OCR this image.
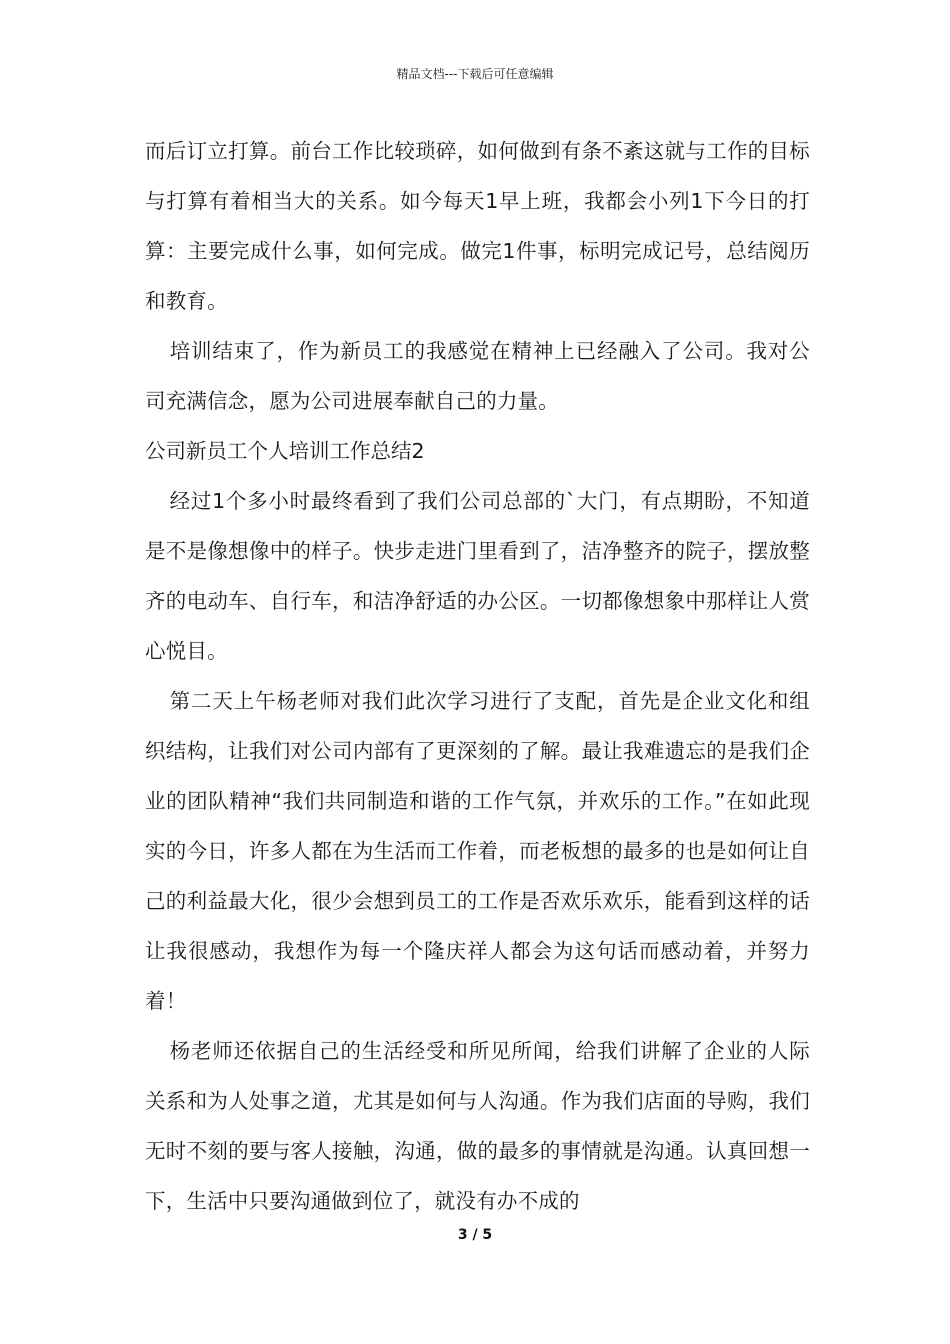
精品文档---下载后可任意编辑

而后订立打算。前台工作比较琐碎，如何做到有条不紊这就与工作的目标与打算有着相当大的关系。如今每天1早上班，我都会小列1下今日的打算：主要完成什么事，如何完成。做完1件事，标明完成记号，总结阅历和教育。

培训结束了，作为新员工的我感觉在精神上已经融入了公司。我对公司充满信念，愿为公司进展奉献自己的力量。

公司新员工个人培训工作总结2

经过1个多小时最终看到了我们公司总部的`大门，有点期盼，不知道是不是像想像中的样子。快步走进门里看到了，洁净整齐的院子，摆放整齐的电动车、自行车，和洁净舒适的办公区。一切都像想象中那样让人赏心悦目。

第二天上午杨老师对我们此次学习进行了支配，首先是企业文化和组织结构，让我们对公司内部有了更深刻的了解。最让我难遗忘的是我们企业的团队精神“我们共同制造和谐的工作气氛，并欢乐的工作。”在如此现实的今日，许多人都在为生活而工作着，而老板想的最多的也是如何让自己的利益最大化，很少会想到员工的工作是否欢乐欢乐，能看到这样的话让我很感动，我想作为每一个隆庆祥人都会为这句话而感动着，并努力着！

杨老师还依据自己的生活经受和所见所闻，给我们讲解了企业的人际关系和为人处事之道，尤其是如何与人沟通。作为我们店面的导购，我们无时不刻的要与客人接触，沟通，做的最多的事情就是沟通。认真回想一下，生活中只要沟通做到位了，就没有办不成的

3 / 5
